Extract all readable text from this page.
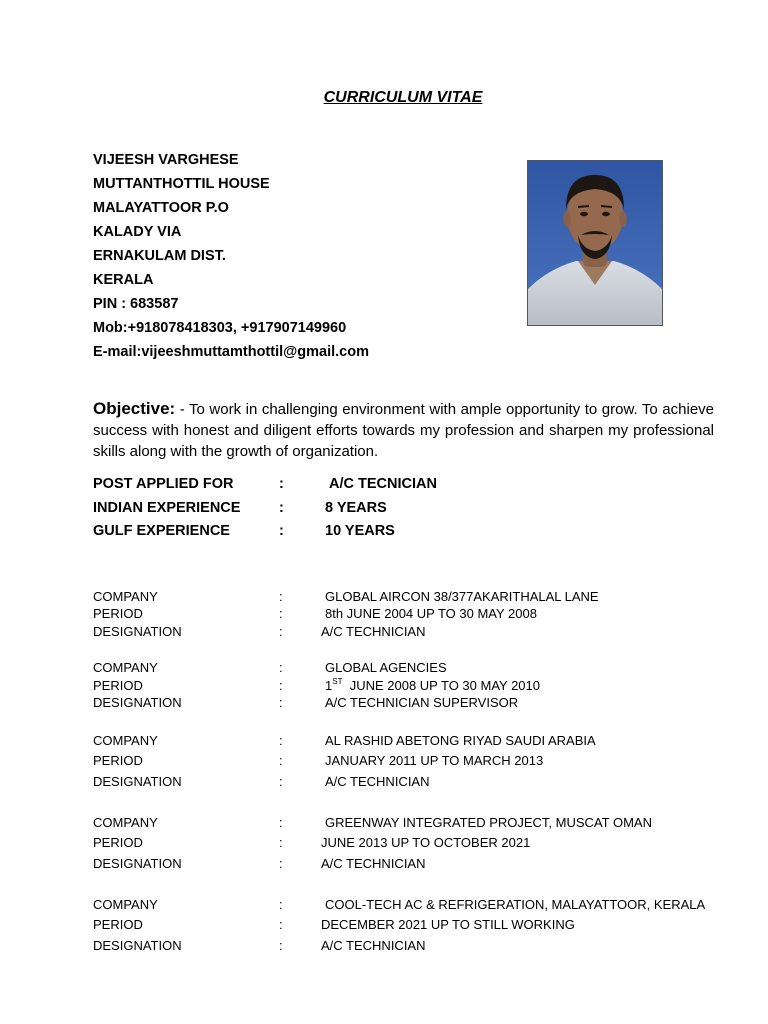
CURRICULUM VITAE
VIJEESH VARGHESE
MUTTANTHOTTIL HOUSE
MALAYATTOOR P.O
KALADY VIA
ERNAKULAM DIST.
KERALA
PIN : 683587
Mob:+918078418303, +917907149960
E-mail:vijeeshmuttamthottil@gmail.com
Objective: - To work in challenging environment with ample opportunity to grow. To achieve success with honest and diligent efforts towards my profession and sharpen my professional skills along with the growth of organization.
POST APPLIED FOR	:	A/C TECNICIAN
INDIAN EXPERIENCE	:	8 YEARS
GULF EXPERIENCE	:	10 YEARS
COMPANY	:	GLOBAL AIRCON 38/377AKARITHALAL LANE
PERIOD	:	8th JUNE 2004 UP TO 30 MAY 2008
DESIGNATION	:	A/C TECHNICIAN
COMPANY	:	GLOBAL AGENCIES
PERIOD	:	1ST  JUNE 2008 UP TO 30 MAY 2010
DESIGNATION	:	A/C TECHNICIAN SUPERVISOR
COMPANY	:	AL RASHID ABETONG RIYAD SAUDI ARABIA
PERIOD	:	JANUARY 2011 UP TO MARCH 2013
DESIGNATION	:	A/C TECHNICIAN
COMPANY	:	GREENWAY INTEGRATED PROJECT, MUSCAT OMAN
PERIOD	:	JUNE 2013 UP TO OCTOBER 2021
DESIGNATION	:	A/C TECHNICIAN
COMPANY	:	COOL-TECH AC & REFRIGERATION, MALAYATTOOR, KERALA
PERIOD	:	DECEMBER 2021 UP TO STILL WORKING
DESIGNATION	:	A/C TECHNICIAN
